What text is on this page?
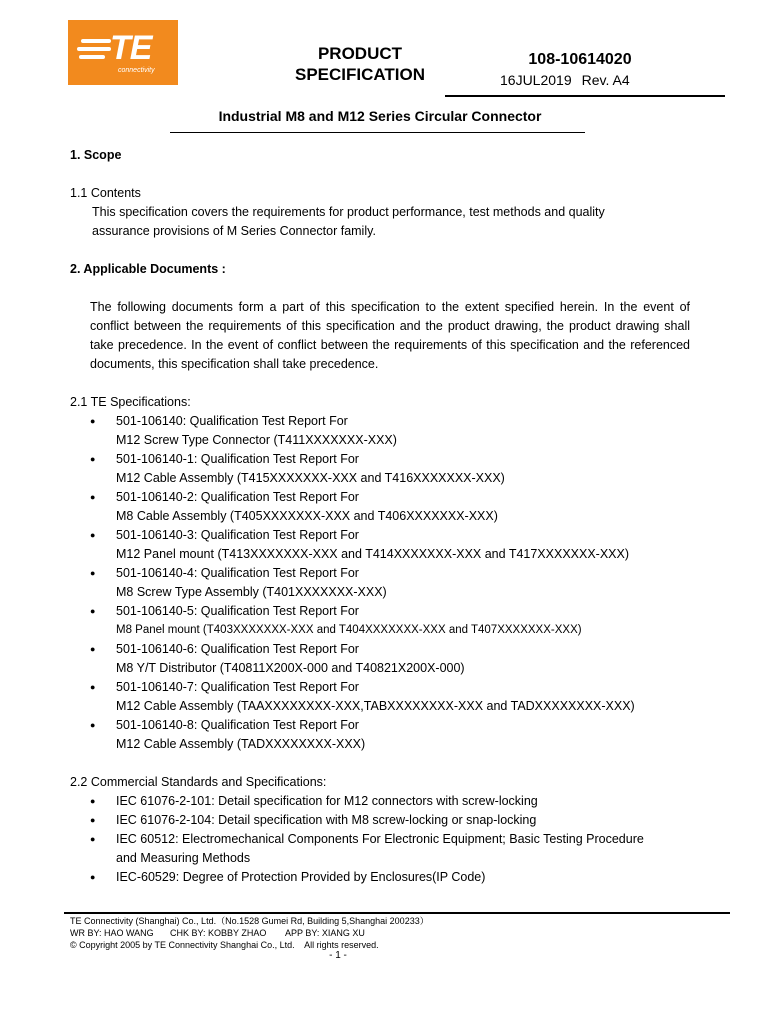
TE
connectivity
PRODUCT
SPECIFICATION
108-10614020
16JUL2019 Rev. A4
Industrial M8 and M12 Series Circular Connector
1. Scope
1.1 Contents
This specification covers the requirements for product performance, test methods and quality
assurance provisions of M Series Connector family.
2. Applicable Documents :
The following documents form a part of this specification to the extent specified herein. In the event of conflict between the requirements of this specification and the product drawing, the product drawing shall take precedence. In the event of conflict between the requirements of this specification and the referenced documents, this specification shall take precedence.
2.1 TE Specifications:
● 501-106140: Qualification Test Report For
M12 Screw Type Connector (T411XXXXXXX-XXX)
● 501-106140-1: Qualification Test Report For
M12 Cable Assembly (T415XXXXXXX-XXX and T416XXXXXXX-XXX)
● 501-106140-2: Qualification Test Report For
M8 Cable Assembly (T405XXXXXXX-XXX and T406XXXXXXX-XXX)
● 501-106140-3: Qualification Test Report For
M12 Panel mount (T413XXXXXXX-XXX and T414XXXXXXX-XXX and T417XXXXXXX-XXX)
● 501-106140-4: Qualification Test Report For
M8 Screw Type Assembly (T401XXXXXXX-XXX)
● 501-106140-5: Qualification Test Report For
M8 Panel mount (T403XXXXXXX-XXX and T404XXXXXXX-XXX and T407XXXXXXX-XXX)
● 501-106140-6: Qualification Test Report For
M8 Y/T Distributor (T40811X200X-000 and T40821X200X-000)
● 501-106140-7: Qualification Test Report For
M12 Cable Assembly (TAAXXXXXXXX-XXX,TABXXXXXXXX-XXX and TADXXXXXXXX-XXX)
● 501-106140-8: Qualification Test Report For
M12 Cable Assembly (TADXXXXXXXX-XXX)
2.2 Commercial Standards and Specifications:
● IEC 61076-2-101: Detail specification for M12 connectors with screw-locking
● IEC 61076-2-104: Detail specification with M8 screw-locking or snap-locking
● IEC 60512: Electromechanical Components For Electronic Equipment; Basic Testing Procedure
and Measuring Methods
● IEC-60529: Degree of Protection Provided by Enclosures(IP Code)
TE Connectivity (Shanghai) Co., Ltd.（No.1528 Gumei Rd, Building 5,Shanghai 200233）
WR BY: HAO WANG CHK BY: KOBBY ZHAO APP BY: XIANG XU
© Copyright 2005 by TE Connectivity Shanghai Co., Ltd.    All rights reserved.
- 1 -
